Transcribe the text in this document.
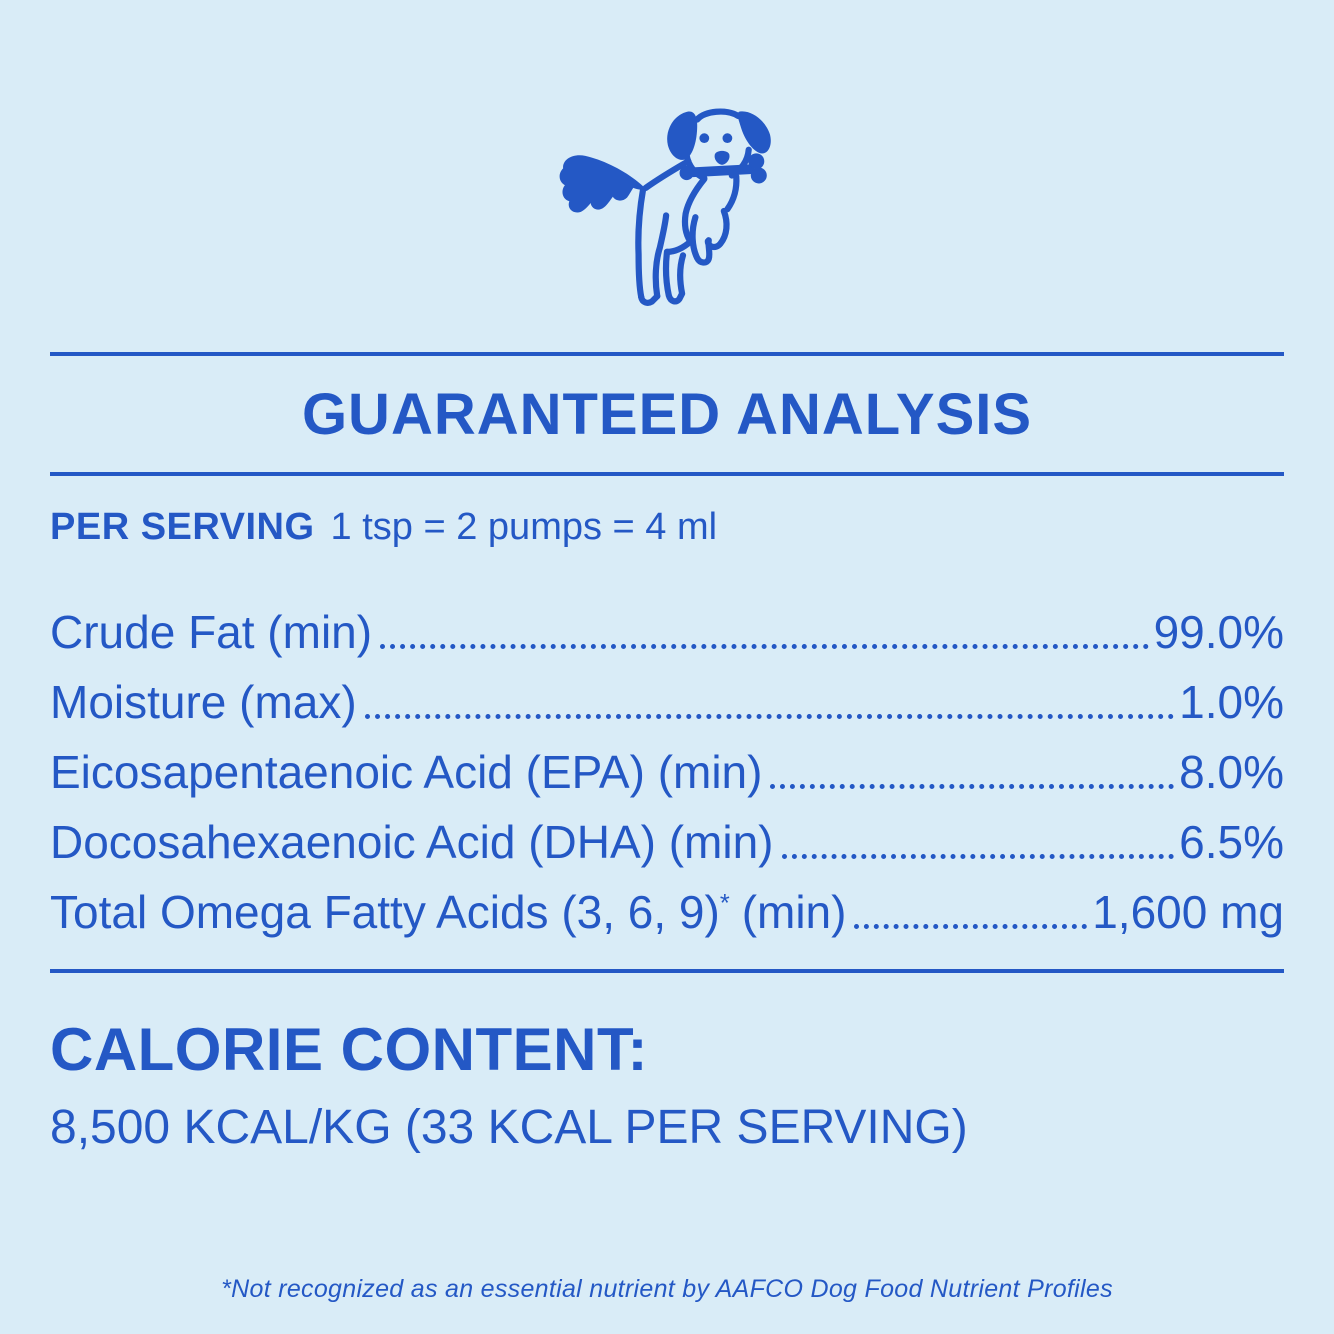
GUARANTEED ANALYSIS
PER SERVING 1 tsp = 2 pumps = 4 ml
Crude Fat (min)	99.0%
Moisture (max)	1.0%
Eicosapentaenoic Acid (EPA) (min)	8.0%
Docosahexaenoic Acid (DHA) (min)	6.5%
Total Omega Fatty Acids (3, 6, 9)* (min)	1,600 mg
CALORIE CONTENT:
8,500 KCAL/KG (33 KCAL PER SERVING)
*Not recognized as an essential nutrient by AAFCO Dog Food Nutrient Profiles
